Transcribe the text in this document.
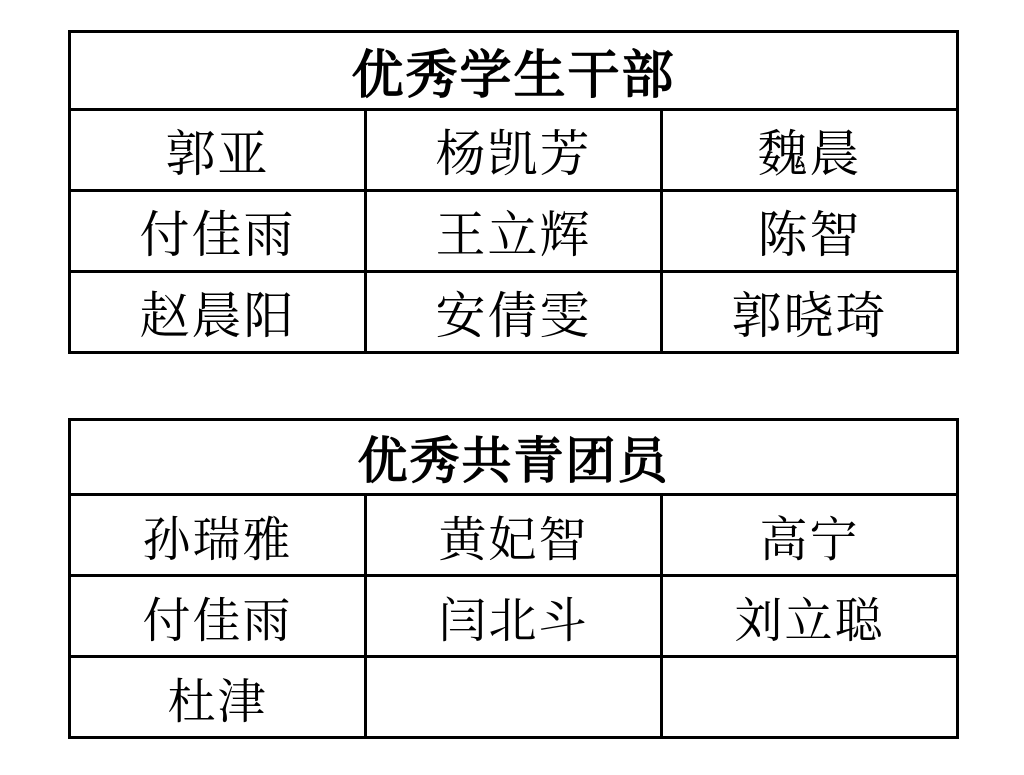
优秀学生干部		
郭亚	杨凯芳	魏晨
付佳雨	王立辉	陈智
赵晨阳	安倩雯	郭晓琦
优秀共青团员		
孙瑞雅	黄妃智	高宁
付佳雨	闫北斗	刘立聪
杜津		
